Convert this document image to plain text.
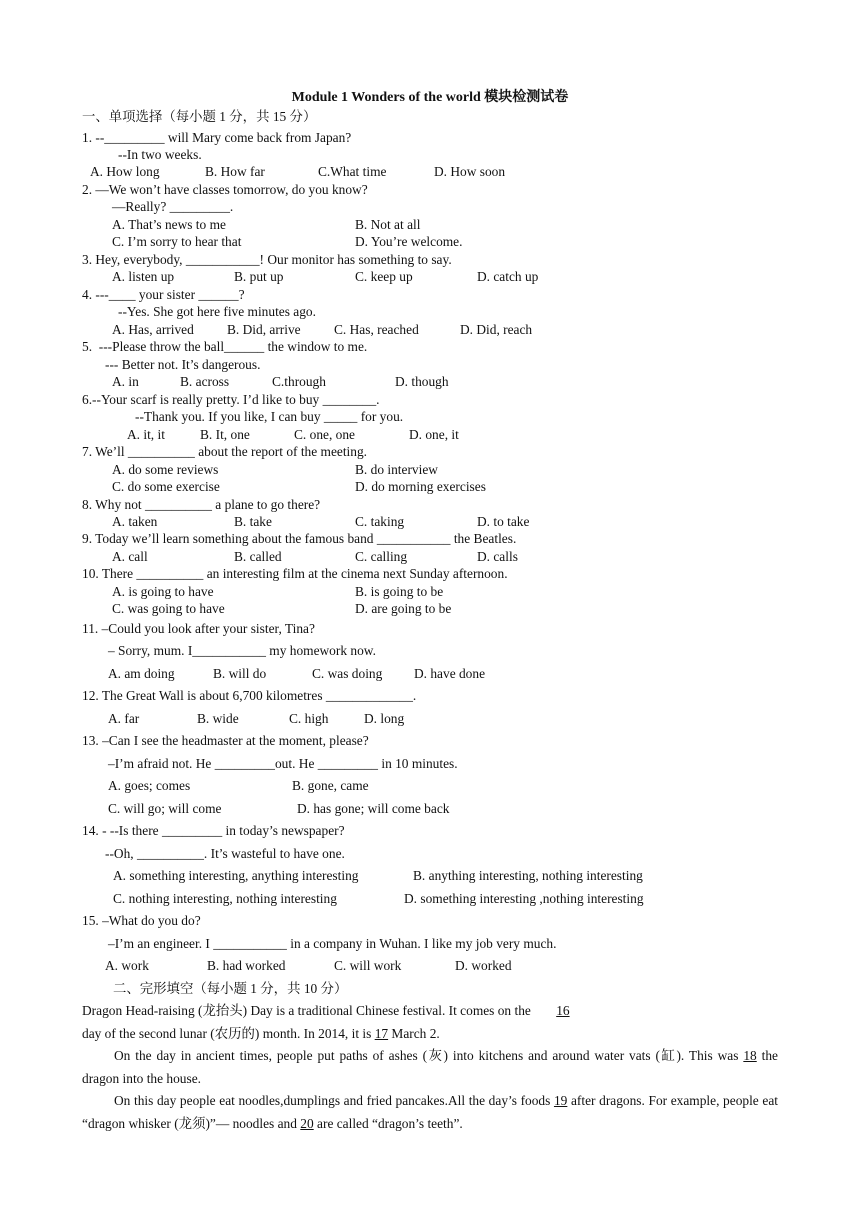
Module 1 Wonders of the world 模块检测试卷
一、单项选择（每小题 1 分，共 15 分）
1. --_________ will Mary come back from Japan?
--In two weeks.
A. How long	B. How far	C.What time	D. How soon
2. —We won’t have classes tomorrow, do you know?
—Really? _________.
A. That’s news to me	B. Not at all
C. I’m sorry to hear that	D. You’re welcome.
3. Hey, everybody, ___________! Our monitor has something to say.
A. listen up	B. put up	C. keep up	D. catch up
4. ---____ your sister ______?
--Yes. She got here five minutes ago.
A. Has, arrived B. Did, arrive C. Has, reached	D. Did, reach
5.  ---Please throw the ball______ the window to me.
--- Better not. It’s dangerous.
A. in	B. across	C.through	D. though
6.--Your scarf is really pretty. I’d like to buy ________.
--Thank you. If you like, I can buy _____ for you.
A. it, it	B. It, one	C. one, one	D. one, it
7. We’ll __________ about the report of the meeting.
A. do some reviews	B. do interview
C. do some exercise	D. do morning exercises
8. Why not __________ a plane to go there?
A. taken	B. take	C. taking	D. to take
9. Today we’ll learn something about the famous band ___________ the Beatles.
A. call	B. called	C. calling	D. calls
10. There __________ an interesting film at the cinema next Sunday afternoon.
A. is going to have	B. is going to be
C. was going to have	D. are going to be
11. –Could you look after your sister, Tina?
– Sorry, mum. I___________ my homework now.
A. am doing	B. will do	C. was doing D. have done
12. The Great Wall is about 6,700 kilometres _____________.
A. far	B. wide	C. high	D. long
13. –Can I see the headmaster at the moment, please?
–I’m afraid not. He _________out. He _________ in 10 minutes.
A. goes; comes	B. gone, came
C. will go; will come	D. has gone; will come back
14. - --Is there _________ in today’s newspaper?
--Oh, __________. It’s wasteful to have one.
A. something interesting, anything interesting	B. anything interesting, nothing interesting
C. nothing interesting, nothing interesting	D. something interesting ,nothing interesting
15. –What do you do?
–I’m an engineer. I ___________ in a company in Wuhan. I like my job very much.
A. work	B. had worked	C. will work	D. worked
二、完形填空（每小题 1 分，共 10 分）
Dragon Head-raising (龙抬头) Day is a traditional Chinese festival. It comes on the 16
day of the second lunar (农历的) month. In 2014, it is 17 March 2.
On the day in ancient times, people put paths of ashes (灰) into kitchens and around water vats (缸). This was 18 the dragon into the house.
On this day people eat noodles,dumplings and fried pancakes.All the day’s foods 19 after dragons. For example, people eat “dragon whisker (龙须)”— noodles and 20 are called “dragon’s teeth”.
